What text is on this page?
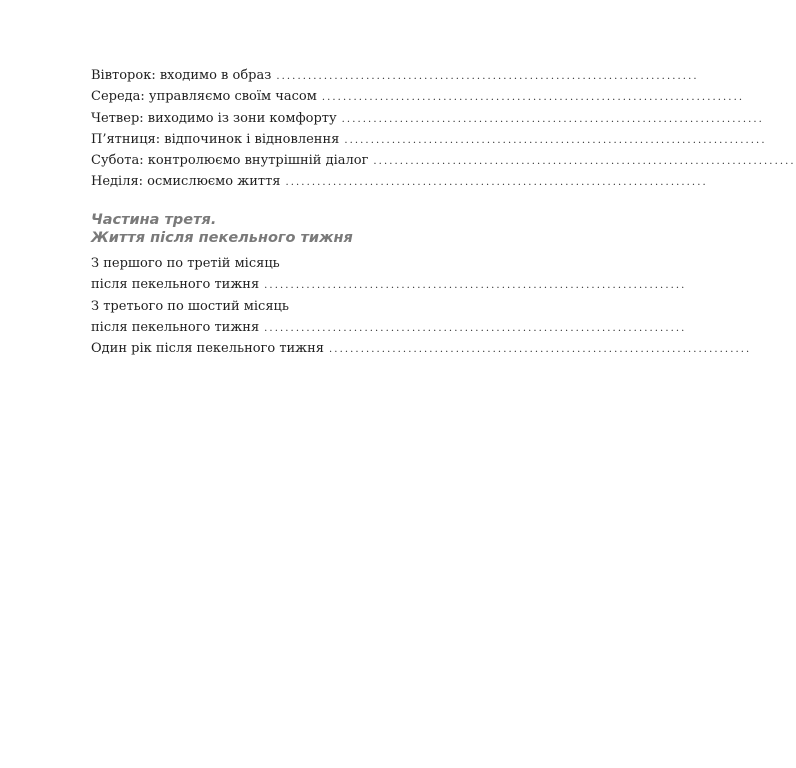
Вівторок: входимо в образ ................................................................................
Середа: управляємо своїм часом ................................................................................
Четвер: виходимо із зони комфорту ................................................................................
П’ятниця: відпочинок і відновлення ................................................................................
Субота: контролюємо внутрішній діалог ................................................................................
Неділя: осмислюємо життя ................................................................................
Частина третя.
Життя після пекельного тижня
З першого по третій місяць
після пекельного тижня ................................................................................
З третього по шостий місяць
після пекельного тижня ................................................................................
Один рік після пекельного тижня ................................................................................
